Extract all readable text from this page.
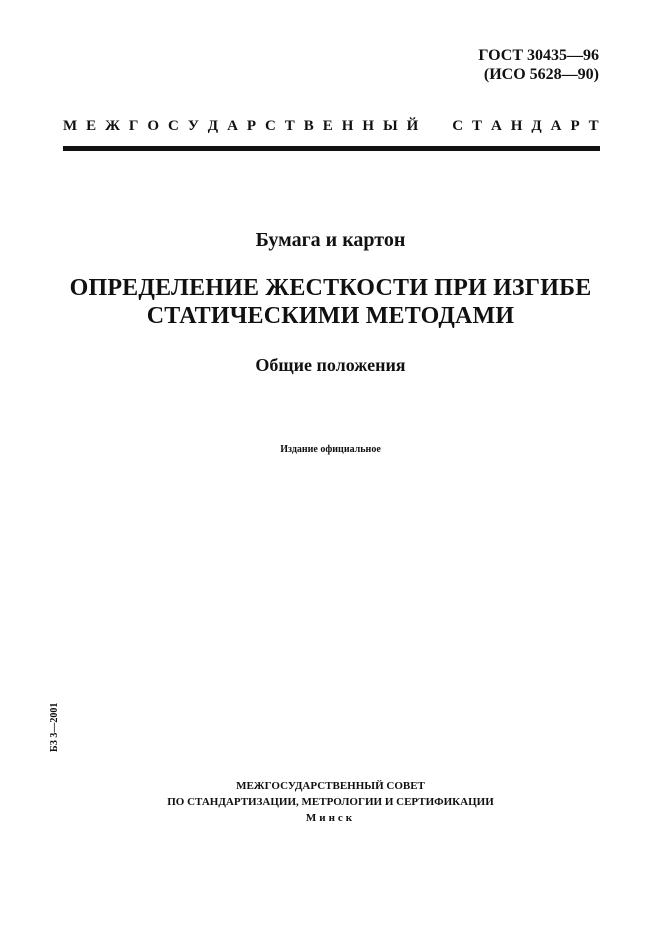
ГОСТ 30435—96
(ИСО 5628—90)
М Е Ж Г О С У Д А Р С Т В Е Н Н Ы Й С Т А Н Д А Р Т
Бумага и картон
ОПРЕДЕЛЕНИЕ ЖЕСТКОСТИ ПРИ ИЗГИБЕ
СТАТИЧЕСКИМИ МЕТОДАМИ
Общие положения
Издание официальное
БЗ 3—2001
МЕЖГОСУДАРСТВЕННЫЙ СОВЕТ
ПО СТАНДАРТИЗАЦИИ, МЕТРОЛОГИИ И СЕРТИФИКАЦИИ
Минск
